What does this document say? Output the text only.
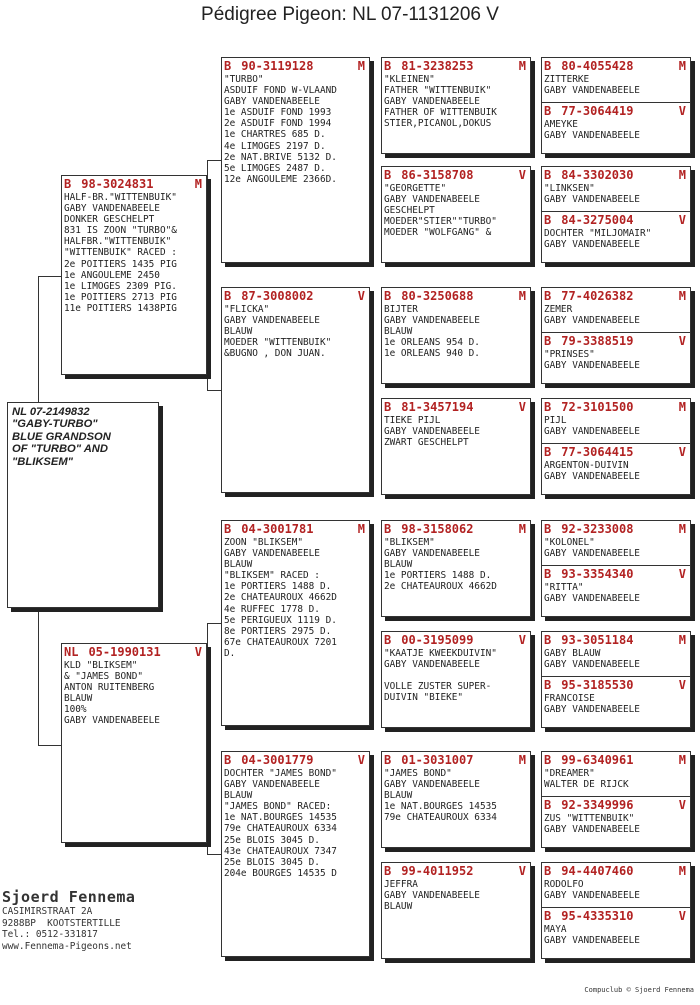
Pédigree Pigeon: NL 07-1131206 V
NL 07-2149832
"GABY-TURBO"
BLUE GRANDSON
OF "TURBO" AND
"BLIKSEM"
B 98-3024831	M
HALF-BR."WITTENBUIK"
GABY VANDENABEELE
DONKER GESCHELPT
831 IS ZOON "TURBO"&
HALFBR."WITTENBUIK"
"WITTENBUIK" RACED :
2e POITIERS 1435 PIG
1e ANGOULEME 2450
1e LIMOGES 2309 PIG.
1e POITIERS 2713 PIG
11e POITIERS 1438PIG
NL 05-1990131	V
KLD "BLIKSEM"
& "JAMES BOND"
ANTON RUITENBERG
BLAUW
100%
GABY VANDENABEELE
B 90-3119128	M
"TURBO"
ASDUIF FOND W-VLAAND
GABY VANDENABEELE
1e ASDUIF FOND 1993
2e ASDUIF FOND 1994
1e CHARTRES 685 D.
4e LIMOGES 2197 D.
2e NAT.BRIVE 5132 D.
5e LIMOGES 2487 D.
12e ANGOULEME 2366D.
B 87-3008002	V
"FLICKA"
GABY VANDENABEELE
BLAUW
MOEDER "WITTENBUIK"
&BUGNO , DON JUAN.
B 04-3001781	M
ZOON "BLIKSEM"
GABY VANDENABEELE
BLAUW
"BLIKSEM" RACED :
1e PORTIERS 1488 D.
2e CHATEAUROUX 4662D
4e RUFFEC 1778 D.
5e PERIGUEUX 1119 D.
8e PORTIERS 2975 D.
67e CHATEAUROUX 7201
D.
B 04-3001779	V
DOCHTER "JAMES BOND"
GABY VANDENABEELE
BLAUW
"JAMES BOND" RACED:
1e NAT.BOURGES 14535
79e CHATEAUROUX 6334
25e BLOIS 3045 D.
43e CHATEAUROUX 7347
25e BLOIS 3045 D.
204e BOURGES 14535 D
B 81-3238253	M
"KLEINEN"
FATHER "WITTENBUIK"
GABY VANDENABEELE
FATHER OF WITTENBUIK
STIER,PICANOL,DOKUS
B 86-3158708	V
"GEORGETTE"
GABY VANDENABEELE
GESCHELPT
MOEDER"STIER""TURBO"
MOEDER "WOLFGANG" &
B 80-3250688	M
BIJTER
GABY VANDENABEELE
BLAUW
1e ORLEANS 954 D.
1e ORLEANS 940 D.
B 81-3457194	V
TIEKE PIJL
GABY VANDENABEELE
ZWART GESCHELPT
B 98-3158062	M
"BLIKSEM"
GABY VANDENABEELE
BLAUW
1e PORTIERS 1488 D.
2e CHATEAUROUX 4662D
B 00-3195099	V
"KAATJE KWEEKDUIVIN"
GABY VANDENABEELE

VOLLE ZUSTER SUPER-
DUIVIN "BIEKE"
B 01-3031007	M
"JAMES BOND"
GABY VANDENABEELE
BLAUW
1e NAT.BOURGES 14535
79e CHATEAUROUX 6334
B 99-4011952	V
JEFFRA
GABY VANDENABEELE
BLAUW
B 80-4055428	M
ZITTERKE
GABY VANDENABEELE
B 77-3064419	V
AMEYKE
GABY VANDENABEELE
B 84-3302030	M
"LINKSEN"
GABY VANDENABEELE
B 84-3275004	V
DOCHTER "MILJOMAIR"
GABY VANDENABEELE
B 77-4026382	M
ZEMER
GABY VANDENABEELE
B 79-3388519	V
"PRINSES"
GABY VANDENABEELE
B 72-3101500	M
PIJL
GABY VANDENABEELE
B 77-3064415	V
ARGENTON-DUIVIN
GABY VANDENABEELE
B 92-3233008	M
"KOLONEL"
GABY VANDENABEELE
B 93-3354340	V
"RITTA"
GABY VANDENABEELE
B 93-3051184	M
GABY BLAUW
GABY VANDENABEELE
B 95-3185530	V
FRANCOISE
GABY VANDENABEELE
B 99-6340961	M
"DREAMER"
WALTER DE RIJCK
B 92-3349996	V
ZUS "WITTENBUIK"
GABY VANDENABEELE
B 94-4407460	M
RODOLFO
GABY VANDENABEELE
B 95-4335310	V
MAYA
GABY VANDENABEELE
Sjoerd Fennema
CASIMIRSTRAAT 2A
9288BP  KOOTSTERTILLE
Tel.: 0512-331817
www.Fennema-Pigeons.net
Compuclub © Sjoerd Fennema
